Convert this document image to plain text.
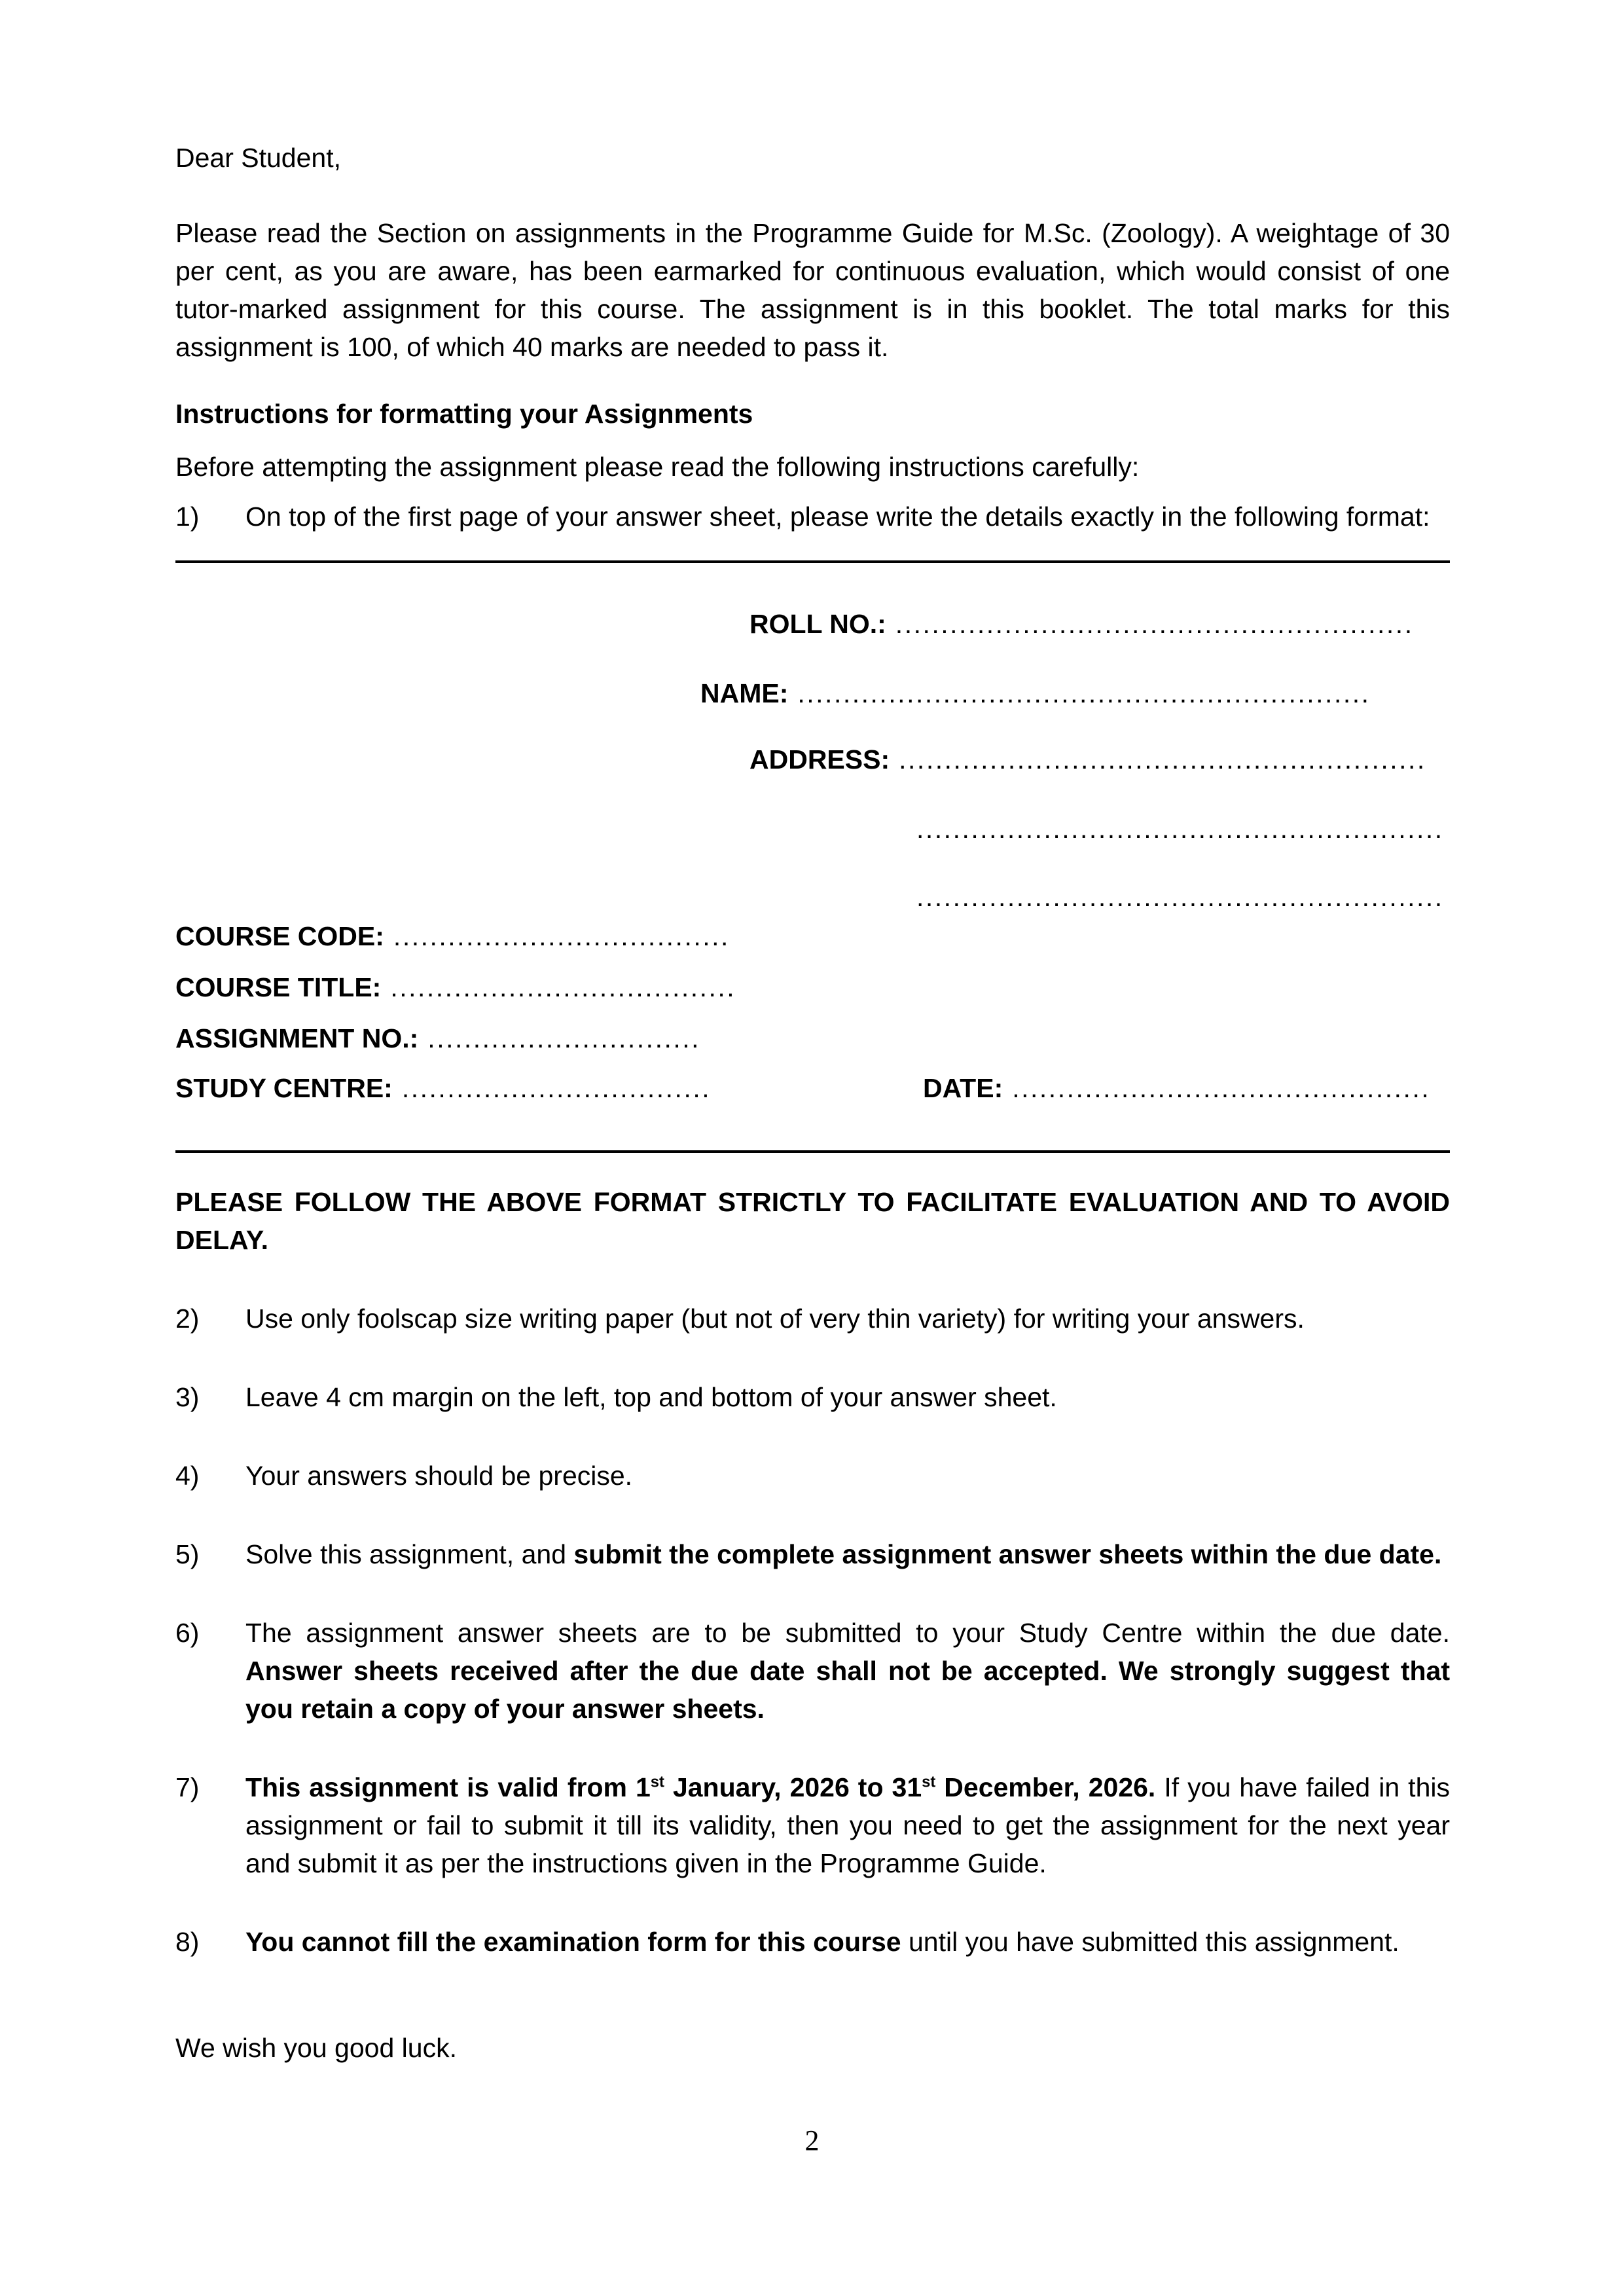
Dear Student,

Please read the Section on assignments in the Programme Guide for M.Sc. (Zoology). A weightage of 30 per cent, as you are aware, has been earmarked for continuous evaluation, which would consist of one tutor-marked assignment for this course. The assignment is in this booklet. The total marks for this assignment is 100, of which 40 marks are needed to pass it.

Instructions for formatting your Assignments

Before attempting the assignment please read the following instructions carefully:

1)	On top of the first page of your answer sheet, please write the details exactly in the following format:
ROLL NO.: .........................................................
NAME: ...............................................................
ADDRESS: ..........................................................
..........................................................
..........................................................
COURSE CODE: .....................................
COURSE TITLE: ......................................
ASSIGNMENT NO.: ..............................
STUDY CENTRE: ..................................	DATE: ..............................................

PLEASE FOLLOW THE ABOVE FORMAT STRICTLY TO FACILITATE EVALUATION AND TO AVOID DELAY.

2)	Use only foolscap size writing paper (but not of very thin variety) for writing your answers.
3)	Leave 4 cm margin on the left, top and bottom of your answer sheet.
4)	Your answers should be precise.
5)	Solve this assignment, and submit the complete assignment answer sheets within the due date.
6)	The assignment answer sheets are to be submitted to your Study Centre within the due date. Answer sheets received after the due date shall not be accepted. We strongly suggest that you retain a copy of your answer sheets.
7)	This assignment is valid from 1st January, 2026 to 31st December, 2026. If you have failed in this assignment or fail to submit it till its validity, then you need to get the assignment for the next year and submit it as per the instructions given in the Programme Guide.
8)	You cannot fill the examination form for this course until you have submitted this assignment.

We wish you good luck.

2
